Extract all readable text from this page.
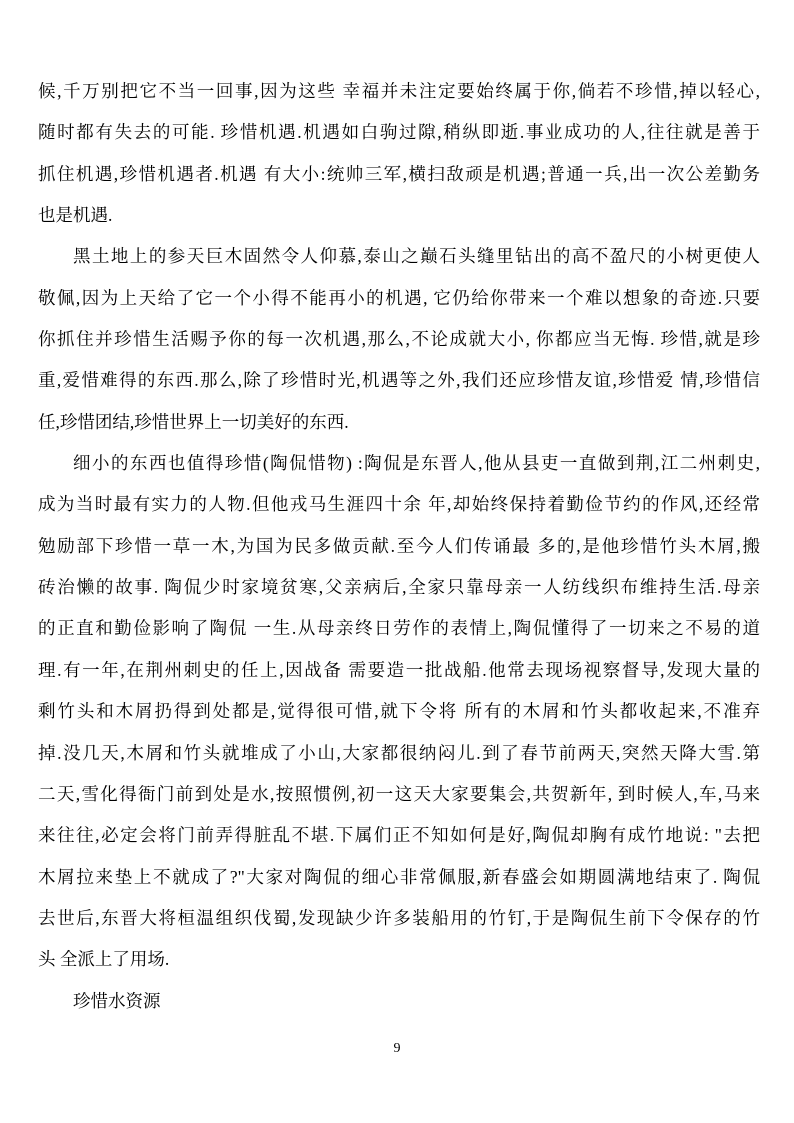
候,千万别把它不当一回事,因为这些 幸福并未注定要始终属于你,倘若不珍惜,掉以轻心,
随时都有失去的可能. 珍惜机遇.机遇如白驹过隙,稍纵即逝.事业成功的人,往往就是善于
抓住机遇,珍惜机遇者.机遇 有大小:统帅三军,横扫敌顽是机遇;普通一兵,出一次公差勤务
也是机遇.
黑土地上的参天巨木固然令人仰慕,泰山之巅石头缝里钻出的高不盈尺的小树更使人
敬佩,因为上天给了它一个小得不能再小的机遇, 它仍给你带来一个难以想象的奇迹.只要
你抓住并珍惜生活赐予你的每一次机遇,那么,不论成就大小, 你都应当无悔. 珍惜,就是珍
重,爱惜难得的东西.那么,除了珍惜时光,机遇等之外,我们还应珍惜友谊,珍惜爱 情,珍惜信
任,珍惜团结,珍惜世界上一切美好的东西.
细小的东西也值得珍惜(陶侃惜物) :陶侃是东晋人,他从县吏一直做到荆,江二州刺史,
成为当时最有实力的人物.但他戎马生涯四十余 年,却始终保持着勤俭节约的作风,还经常
勉励部下珍惜一草一木,为国为民多做贡献.至今人们传诵最 多的,是他珍惜竹头木屑,搬
砖治懒的故事. 陶侃少时家境贫寒,父亲病后,全家只靠母亲一人纺线织布维持生活.母亲
的正直和勤俭影响了陶侃 一生.从母亲终日劳作的表情上,陶侃懂得了一切来之不易的道
理.有一年,在荆州刺史的任上,因战备 需要造一批战船.他常去现场视察督导,发现大量的
剩竹头和木屑扔得到处都是,觉得很可惜,就下令将 所有的木屑和竹头都收起来,不准弃
掉.没几天,木屑和竹头就堆成了小山,大家都很纳闷儿.到了春节前两天,突然天降大雪.第
二天,雪化得衙门前到处是水,按照惯例,初一这天大家要集会,共贺新年, 到时候人,车,马来
来往往,必定会将门前弄得脏乱不堪.下属们正不知如何是好,陶侃却胸有成竹地说: "去把
木屑拉来垫上不就成了?"大家对陶侃的细心非常佩服,新春盛会如期圆满地结束了. 陶侃
去世后,东晋大将桓温组织伐蜀,发现缺少许多装船用的竹钉,于是陶侃生前下令保存的竹
头 全派上了用场.
珍惜水资源
9
